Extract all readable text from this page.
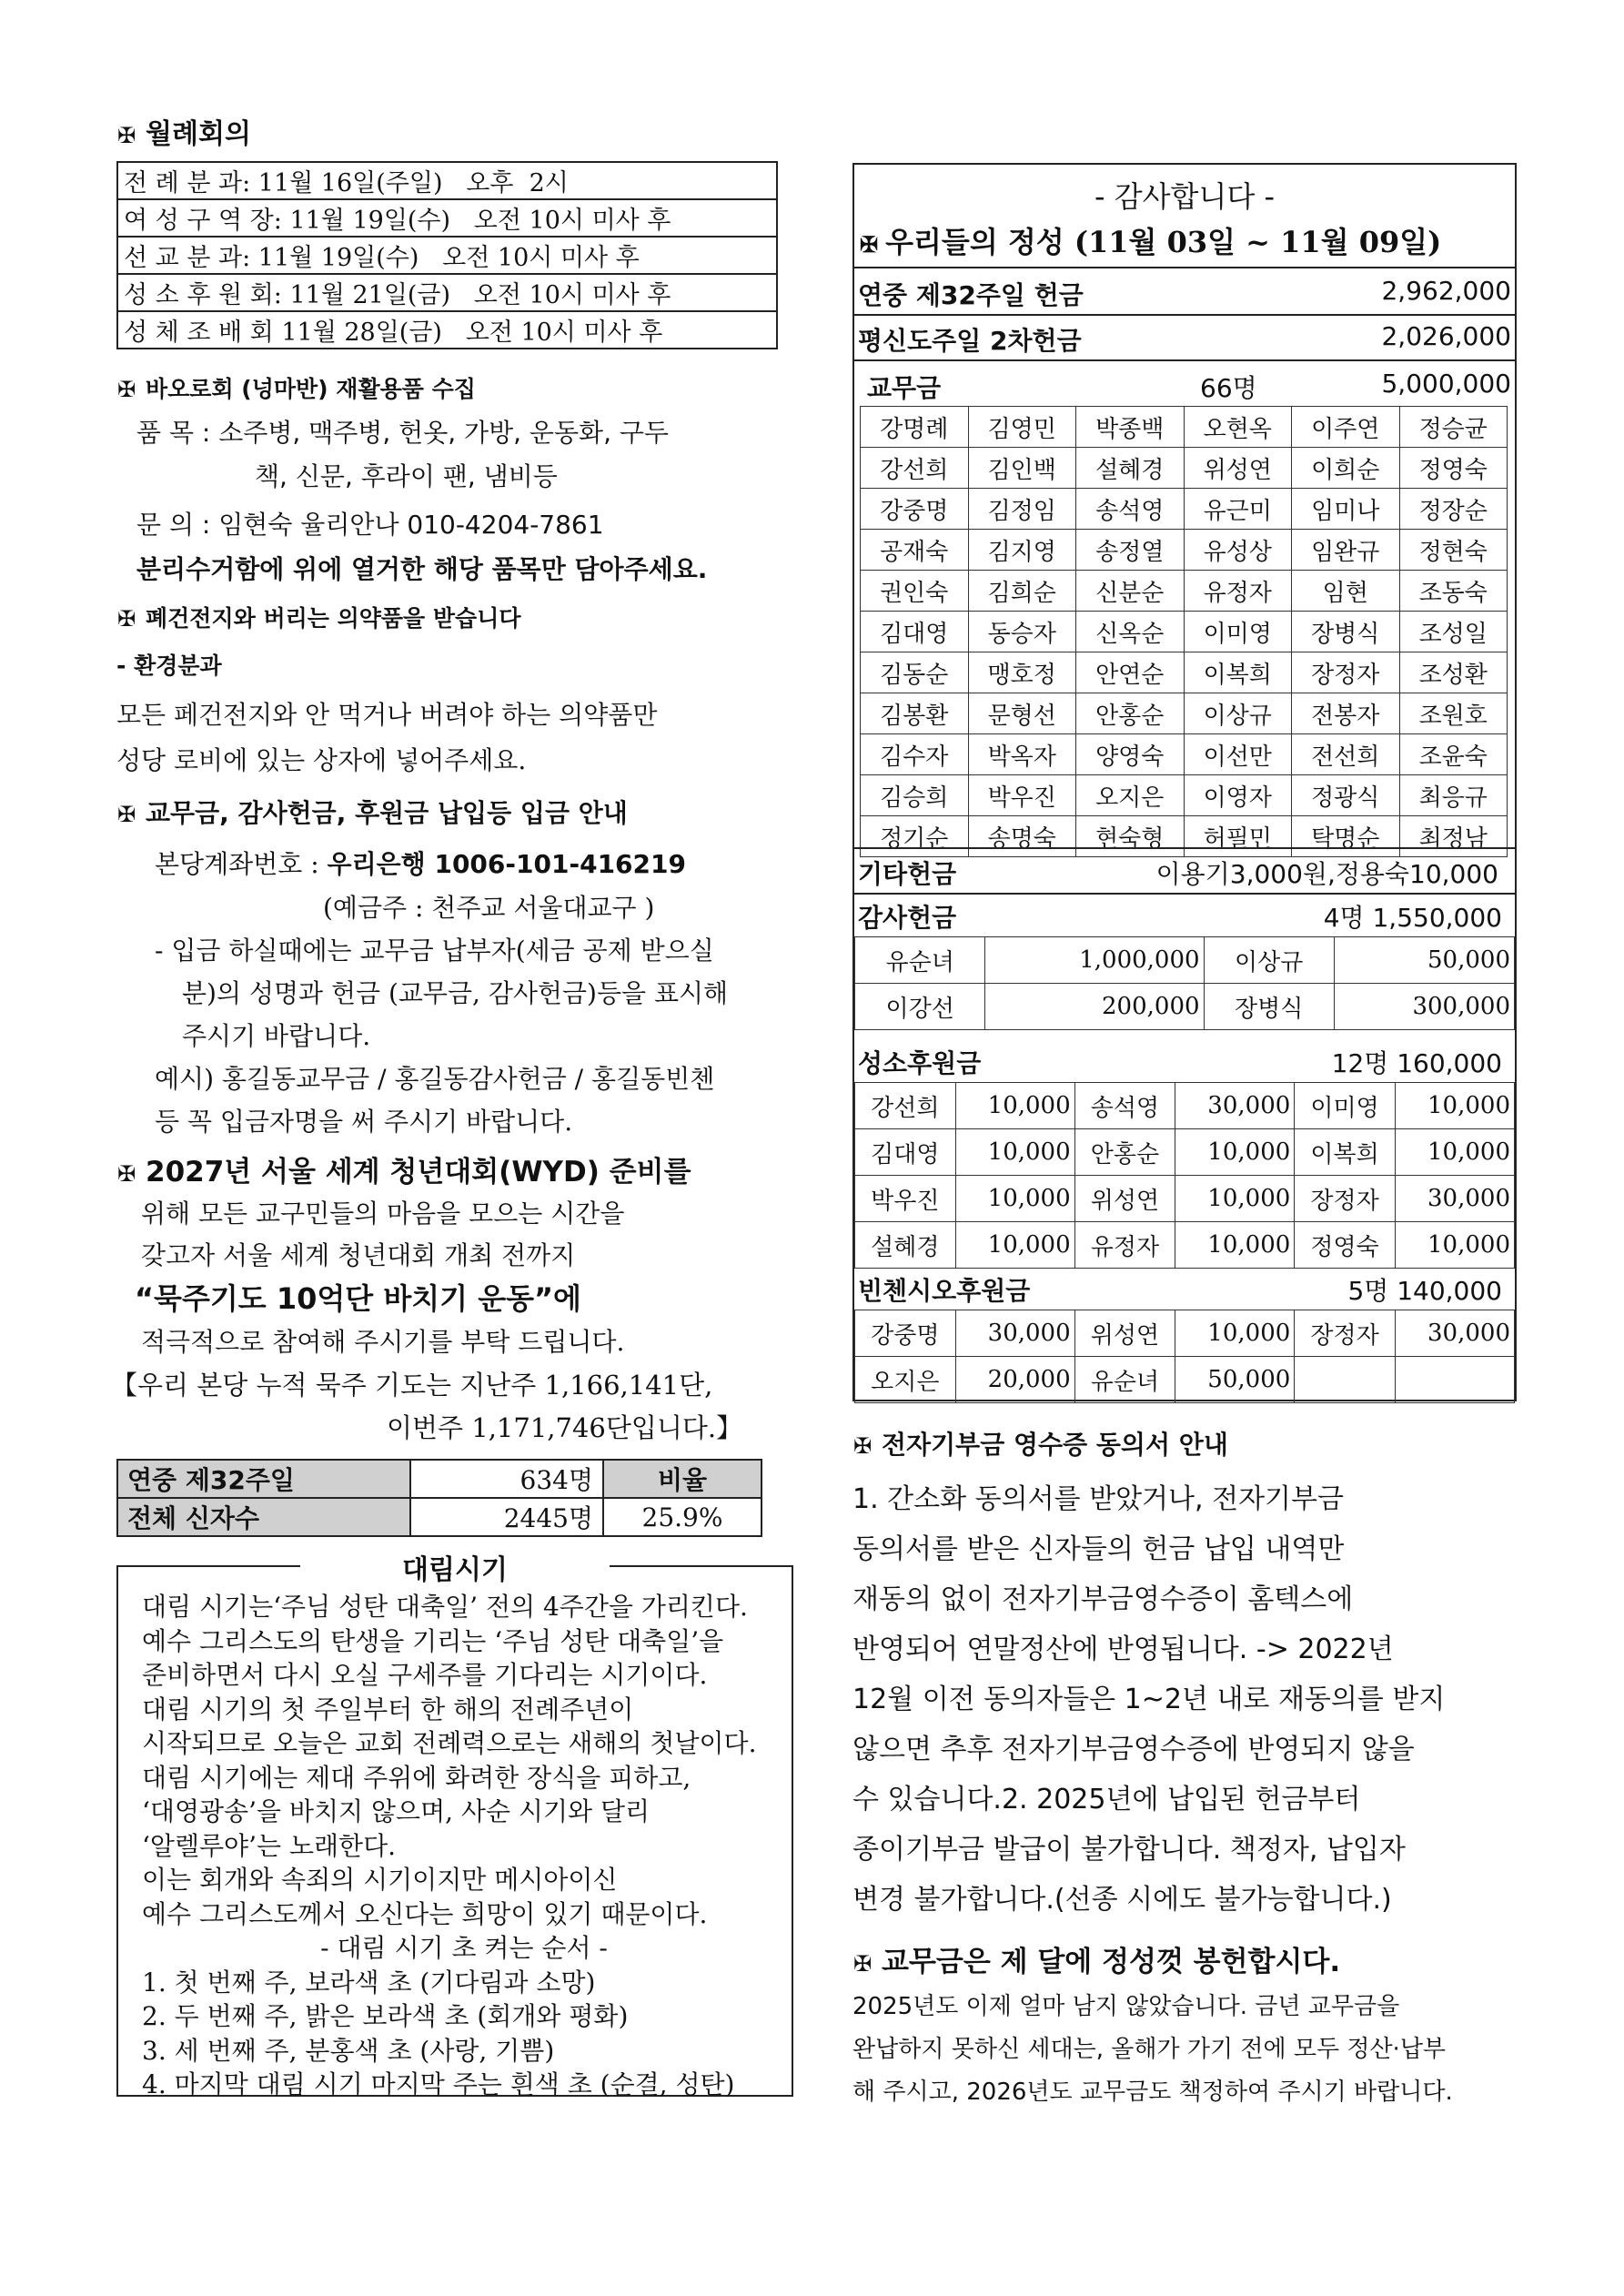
✠ 월례회의
전 례 분 과: 11월 16일(주일) 오후  2시
여 성 구 역 장: 11월 19일(수) 오전 10시 미사 후
선 교 분 과: 11월 19일(수) 오전 10시 미사 후
성 소 후 원 회: 11월 21일(금) 오전 10시 미사 후
성 체 조 배 회 11월 28일(금) 오전 10시 미사 후
✠ 바오로회 (넝마반) 재활용품 수집
품 목 : 소주병, 맥주병, 헌옷, 가방, 운동화, 구두
책, 신문, 후라이 팬, 냄비등
문 의 : 임현숙 율리안나 010-4204-7861
분리수거함에 위에 열거한 해당 품목만 담아주세요.
✠ 폐건전지와 버리는 의약품을 받습니다
- 환경분과
모든 페건전지와 안 먹거나 버려야 하는 의약품만
성당 로비에 있는 상자에 넣어주세요.
✠ 교무금, 감사헌금, 후원금 납입등 입금 안내
본당계좌번호 : 우리은행 1006-101-416219
(예금주 : 천주교 서울대교구 )
- 입금 하실때에는 교무금 납부자(세금 공제 받으실
분)의 성명과 헌금 (교무금, 감사헌금)등을 표시해
주시기 바랍니다.
예시) 홍길동교무금 / 홍길동감사헌금 / 홍길동빈첸
등 꼭 입금자명을 써 주시기 바랍니다.
✠ 2027년 서울 세계 청년대회(WYD) 준비를
위해 모든 교구민들의 마음을 모으는 시간을
갖고자 서울 세계 청년대회 개최 전까지
“묵주기도 10억단 바치기 운동”에
적극적으로 참여해 주시기를 부탁 드립니다.
【우리 본당 누적 묵주 기도는 지난주 1,166,141단,
이번주 1,171,746단입니다.】
연중 제32주일	634명	비율
전체 신자수	2445명	25.9%
대림시기
대림 시기는‘주님 성탄 대축일’ 전의 4주간을 가리킨다.
예수 그리스도의 탄생을 기리는 ‘주님 성탄 대축일’을
준비하면서 다시 오실 구세주를 기다리는 시기이다.
대림 시기의 첫 주일부터 한 해의 전례주년이
시작되므로 오늘은 교회 전례력으로는 새해의 첫날이다.
대림 시기에는 제대 주위에 화려한 장식을 피하고,
‘대영광송’을 바치지 않으며, 사순 시기와 달리
‘알렐루야’는 노래한다.
이는 회개와 속죄의 시기이지만 메시아이신
예수 그리스도께서 오신다는 희망이 있기 때문이다.
- 대림 시기 초 켜는 순서 -
1. 첫 번째 주, 보라색 초 (기다림과 소망)
2. 두 번째 주, 밝은 보라색 초 (회개와 평화)
3. 세 번째 주, 분홍색 초 (사랑, 기쁨)
4. 마지막 대림 시기 마지막 주는 흰색 초 (순결, 성탄)
- 감사합니다 -
✠ 우리들의 정성 (11월 03일 ~ 11월 09일)
연중 제32주일 헌금	2,962,000
평신도주일 2차헌금	2,026,000
교무금	66명	5,000,000
강명례	김영민	박종백	오현옥	이주연	정승균
강선희	김인백	설혜경	위성연	이희순	정영숙
강중명	김정임	송석영	유근미	임미나	정장순
공재숙	김지영	송정열	유성상	임완규	정현숙
권인숙	김희순	신분순	유정자	임현	조동숙
김대영	동승자	신옥순	이미영	장병식	조성일
김동순	맹호정	안연순	이복희	장정자	조성환
김봉환	문형선	안홍순	이상규	전봉자	조원호
김수자	박옥자	양영숙	이선만	전선희	조윤숙
김승희	박우진	오지은	이영자	정광식	최응규
정기순	송명숙	현숙형	허필민	탁명순	최정남
기타헌금	이용기3,000원,정용숙10,000
감사헌금	4명 1,550,000
유순녀	1,000,000	이상규	50,000
이강선	200,000	장병식	300,000
성소후원금	12명 160,000
강선희	10,000	송석영	30,000	이미영	10,000
김대영	10,000	안홍순	10,000	이복희	10,000
박우진	10,000	위성연	10,000	장정자	30,000
설혜경	10,000	유정자	10,000	정영숙	10,000
빈첸시오후원금	5명 140,000
강중명	30,000	위성연	10,000	장정자	30,000
오지은	20,000	유순녀	50,000		
✠ 전자기부금 영수증 동의서 안내
1. 간소화 동의서를 받았거나, 전자기부금
동의서를 받은 신자들의 헌금 납입 내역만
재동의 없이 전자기부금영수증이 홈텍스에
반영되어 연말정산에 반영됩니다. -> 2022년
12월 이전 동의자들은 1~2년 내로 재동의를 받지
않으면 추후 전자기부금영수증에 반영되지 않을
수 있습니다.2. 2025년에 납입된 헌금부터
종이기부금 발급이 불가합니다. 책정자, 납입자
변경 불가합니다.(선종 시에도 불가능합니다.)
✠ 교무금은 제 달에 정성껏 봉헌합시다.
2025년도 이제 얼마 남지 않았습니다. 금년 교무금을
완납하지 못하신 세대는, 올해가 가기 전에 모두 정산·납부
해 주시고, 2026년도 교무금도 책정하여 주시기 바랍니다.
